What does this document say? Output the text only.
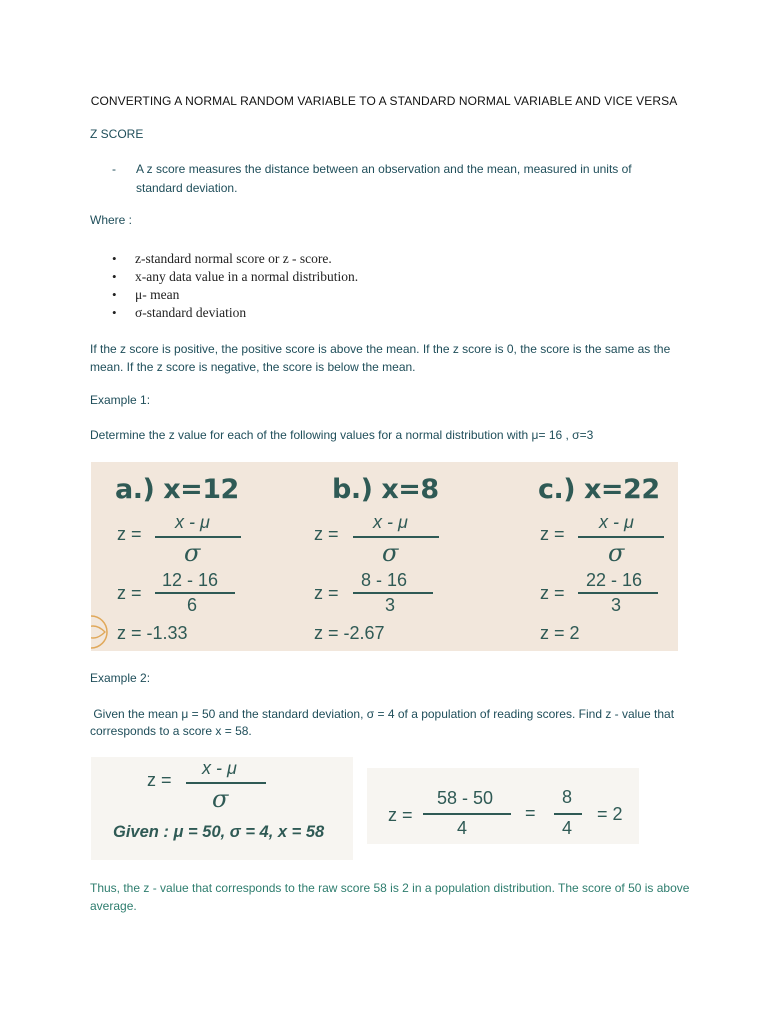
CONVERTING A NORMAL RANDOM VARIABLE TO A STANDARD NORMAL VARIABLE AND VICE VERSA
Z SCORE
- A z score measures the distance between an observation and the mean, measured in units of standard deviation.
Where :
• z-standard normal score or z - score.
• x-any data value in a normal distribution.
• μ- mean
• σ-standard deviation
If the z score is positive, the positive score is above the mean. If the z score is 0, the score is the same as the mean. If the z score is negative, the score is below the mean.
Example 1:
Determine the z value for each of the following values for a normal distribution with μ= 16 , σ=3
a.) x=12
z =
x - μ
σ
z =
12 - 16
6
z = -1.33
b.) x=8
z =
x - μ
σ
z =
8 - 16
3
z = -2.67
c.) x=22
z =
x - μ
σ
z =
22 - 16
3
z = 2
Example 2:
Given the mean μ = 50 and the standard deviation, σ = 4 of a population of reading scores. Find z - value that corresponds to a score x = 58.
z =
x - μ
σ
Given : μ = 50, σ = 4, x = 58
z =
58 - 50
4
=
8
4
= 2
Thus, the z - value that corresponds to the raw score 58 is 2 in a population distribution. The score of 50 is above average.
